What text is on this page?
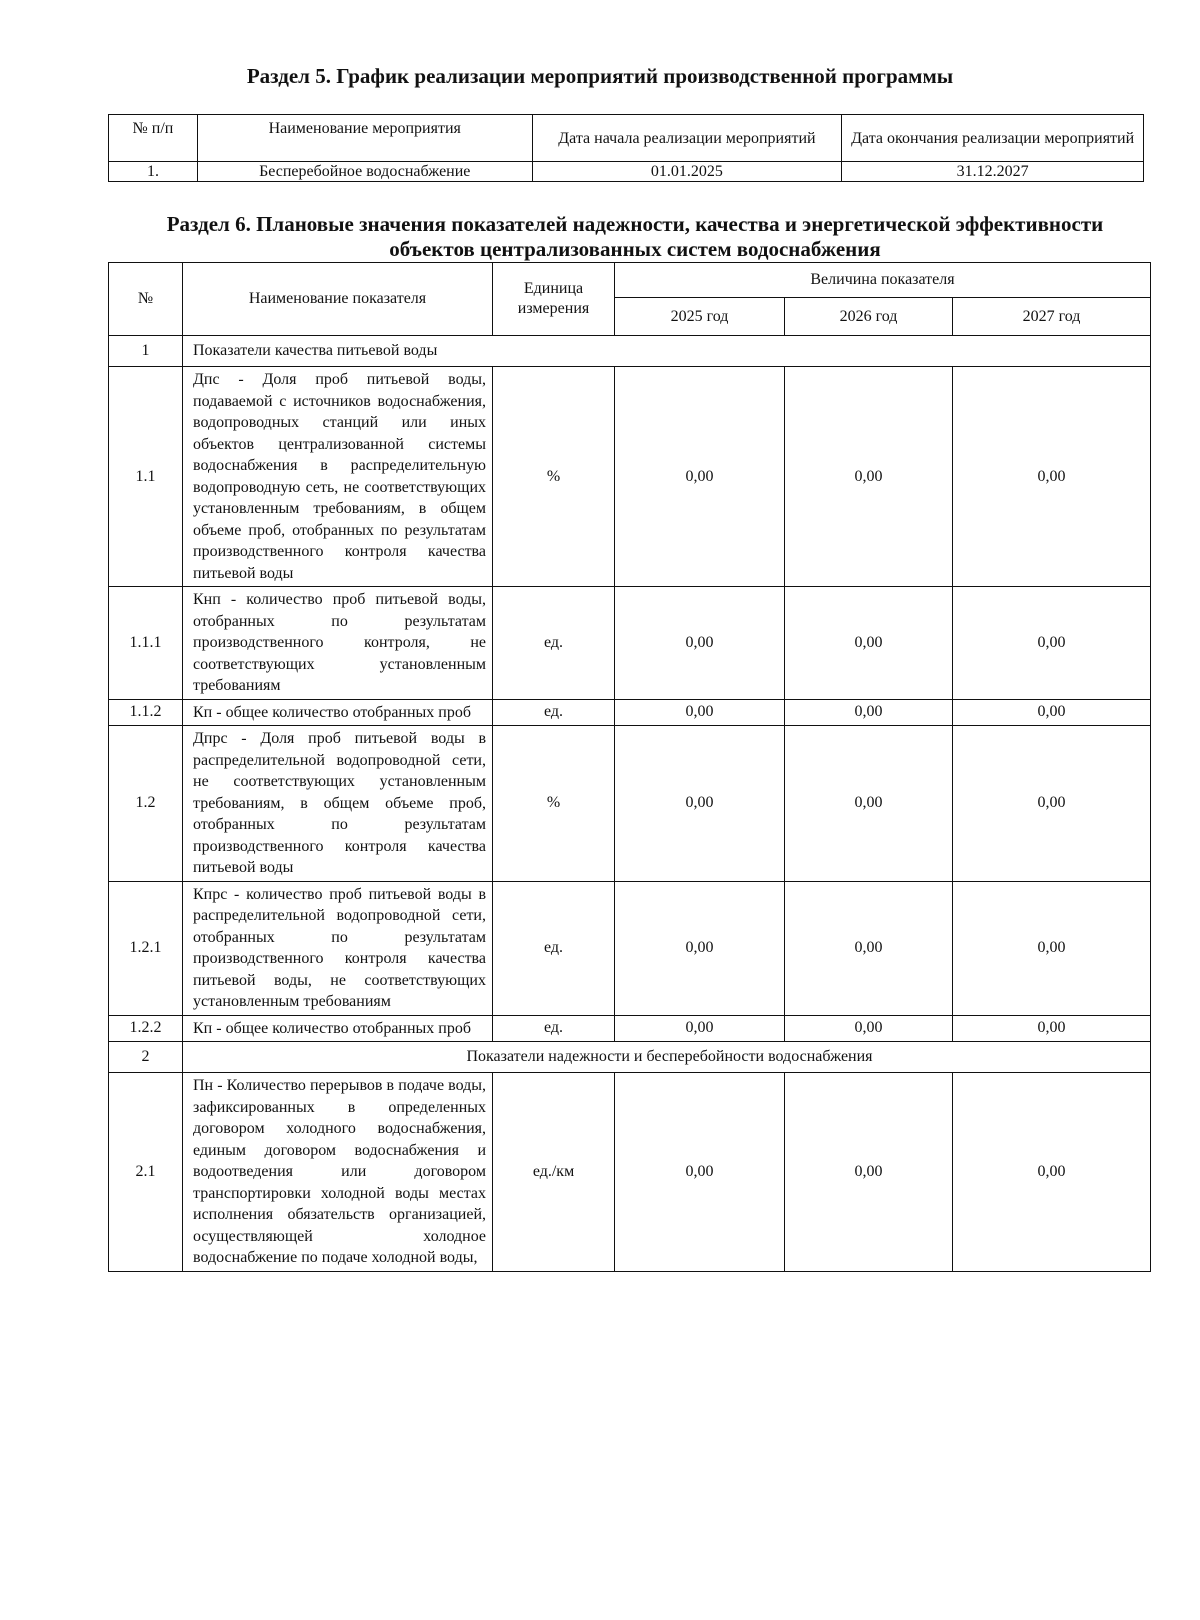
Раздел 5. График реализации мероприятий производственной программы
№ п/п	Наименование мероприятия	Дата начала реализации мероприятий	Дата окончания реализации мероприятий
1.	Бесперебойное водоснабжение	01.01.2025	31.12.2027
Раздел 6. Плановые значения показателей надежности, качества и энергетической эффективности объектов централизованных систем водоснабжения
№	Наименование показателя	Единица измерения	Величина показателя		
			2025 год	2026 год	2027 год
1	Показатели качества питьевой воды				
1.1	Дпс - Доля проб питьевой воды, подаваемой с источников водоснабжения, водопроводных станций или иных объектов централизованной системы водоснабжения в распределительную водопроводную сеть, не соответствующих установленным требованиям, в общем объеме проб, отобранных по результатам производственного контроля качества питьевой воды	%	0,00	0,00	0,00
1.1.1	Кнп - количество проб питьевой воды, отобранных по результатам производственного контроля, не соответствующих установленным требованиям	ед.	0,00	0,00	0,00
1.1.2	Кп - общее количество отобранных проб	ед.	0,00	0,00	0,00
1.2	Дпрс - Доля проб питьевой воды в распределительной водопроводной сети, не соответствующих установленным требованиям, в общем объеме проб, отобранных по результатам производственного контроля качества питьевой воды	%	0,00	0,00	0,00
1.2.1	Кпрс - количество проб питьевой воды в распределительной водопроводной сети, отобранных по результатам производственного контроля качества питьевой воды, не соответствующих установленным требованиям	ед.	0,00	0,00	0,00
1.2.2	Кп - общее количество отобранных проб	ед.	0,00	0,00	0,00
2	Показатели надежности и бесперебойности водоснабжения				
2.1	Пн - Количество перерывов в подаче воды, зафиксированных в определенных договором холодного водоснабжения, единым договором водоснабжения и водоотведения или договором транспортировки холодной воды местах исполнения обязательств организацией, осуществляющей холодное водоснабжение по подаче холодной воды,	ед./км	0,00	0,00	0,00
